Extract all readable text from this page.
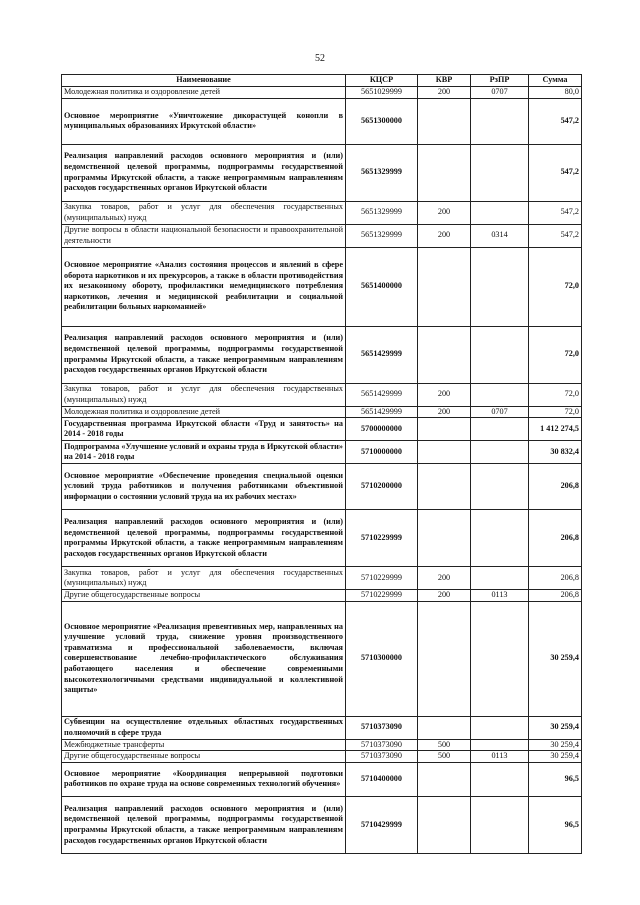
52
Наименование	КЦСР	КВР	РзПР	Сумма
Молодежная политика и оздоровление детей	5651029999	200	0707	80,0
Основное мероприятие «Уничтожение дикорастущей конопли в муниципальных образованиях Иркутской области»	5651300000			547,2
Реализация направлений расходов основного мероприятия и (или) ведомственной целевой программы, подпрограммы государственной программы Иркутской области, а также непрограммным направлениям расходов государственных органов Иркутской области	5651329999			547,2
Закупка товаров, работ и услуг для обеспечения государственных (муниципальных) нужд	5651329999	200		547,2
Другие вопросы в области национальной безопасности и правоохранительной деятельности	5651329999	200	0314	547,2
Основное мероприятие «Анализ состояния процессов и явлений в сфере оборота наркотиков и их прекурсоров, а также в области противодействия их незаконному обороту, профилактики немедицинского потребления наркотиков, лечения и медицинской реабилитации и социальной реабилитации больных наркоманией»	5651400000			72,0
Реализация направлений расходов основного мероприятия и (или) ведомственной целевой программы, подпрограммы государственной программы Иркутской области, а также непрограммным направлениям расходов государственных органов Иркутской области	5651429999			72,0
Закупка товаров, работ и услуг для обеспечения государственных (муниципальных) нужд	5651429999	200		72,0
Молодежная политика и оздоровление детей	5651429999	200	0707	72,0
Государственная программа Иркутской области «Труд и занятость» на 2014 - 2018 годы	5700000000			1 412 274,5
Подпрограмма «Улучшение условий и охраны труда в Иркутской области» на 2014 - 2018 годы	5710000000			30 832,4
Основное мероприятие «Обеспечение проведения специальной оценки условий труда работников и получения работниками объективной информации о состоянии условий труда на их рабочих местах»	5710200000			206,8
Реализация направлений расходов основного мероприятия и (или) ведомственной целевой программы, подпрограммы государственной программы Иркутской области, а также непрограммным направлениям расходов государственных органов Иркутской области	5710229999			206,8
Закупка товаров, работ и услуг для обеспечения государственных (муниципальных) нужд	5710229999	200		206,8
Другие общегосударственные вопросы	5710229999	200	0113	206,8
Основное мероприятие «Реализация превентивных мер, направленных на улучшение условий труда, снижение уровня производственного травматизма и профессиональной заболеваемости, включая совершенствование лечебно-профилактического обслуживания работающего населения и обеспечение современными высокотехнологичными средствами индивидуальной и коллективной защиты»	5710300000			30 259,4
Субвенции на осуществление отдельных областных государственных полномочий в сфере труда	5710373090			30 259,4
Межбюджетные трансферты	5710373090	500		30 259,4
Другие общегосударственные вопросы	5710373090	500	0113	30 259,4
Основное мероприятие «Координация непрерывной подготовки работников по охране труда на основе современных технологий обучения»	5710400000			96,5
Реализация направлений расходов основного мероприятия и (или) ведомственной целевой программы, подпрограммы государственной программы Иркутской области, а также непрограммным направлениям расходов государственных органов Иркутской области	5710429999			96,5
